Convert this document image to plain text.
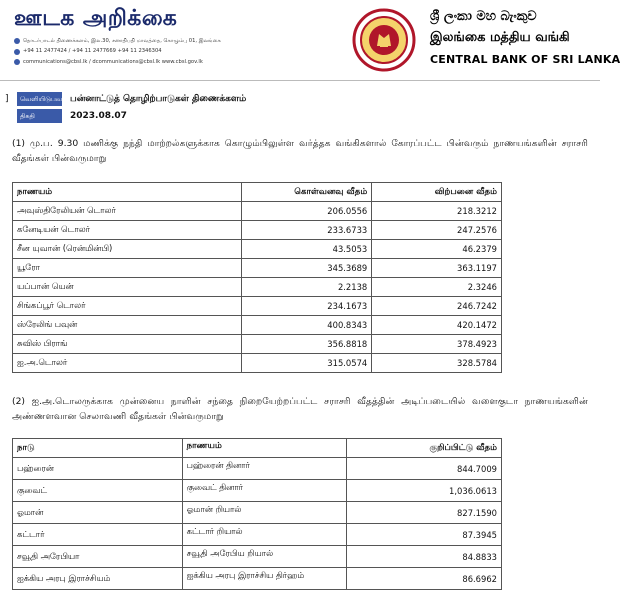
ஊடக அறிக்கை
தொடர்பாடல் திணைக்களம், இல.30, சனாதிபதி மாவத்தை, கொழும்பு 01, இலங்கை
+94 11 2477424 / +94 11 2477669 +94 11 2346304
communications@cbsl.lk / dcommunications@cbsl.lk www.cbsl.gov.lk
ශ්‍රී ලංකා මහ බැංකුව
இலங்கை மத்திய வங்கி
CENTRAL BANK OF SRI LANKA
]	வெளியிடுபவர் பன்னாட்டுத் தொழிற்பாடுகள் திணைக்களம்
திகதி	2023.08.07
(1) மு.ப. 9.30 மணிக்கு நந்தி மாற்றல்களுக்காக கொழும்பிலுள்ள வர்த்தக வங்கிகளால் கோரப்பட்ட பின்வரும் நாணயங்களின் சராசரி வீதங்கள் பின்வருமாறு
நாணயம்	கொள்வனவு வீதம்	விற்பனை வீதம்
அவுஸ்திரேலியன் டொலர்	206.0556	218.3212
கனேடியன் டொலர்	233.6733	247.2576
சீன யுவான் (ரென்மின்பி)	43.5053	46.2379
யூரோ	345.3689	363.1197
யப்பான் யென்	2.2138	2.3246
சிங்கப்பூர் டொலர்	234.1673	246.7242
ஸ்ரேலிங் பவுன்	400.8343	420.1472
சுவிஸ் பிராங்	356.8818	378.4923
ஐ.அ.டொலர்	315.0574	328.5784
(2) ஐ.அ.டொலருக்காக முன்னைய நாளின் சந்தை நிறையேற்றப்பட்ட சராசரி வீதத்தின் அடிப்படையில் வளைகுடா நாணயங்களின் அண்ணளவான செலாவணி வீதங்கள் பின்வருமாறு
நாடு	நாணயம்	குறிப்பிட்டு வீதம்
பஹ்ரைன்	பஹ்ரைன் தினார்	844.7009
குவைட்	குவைட் தினார்	1,036.0613
ஓமான்	ஓமான் றியால்	827.1590
கட்டார்	கட்டார் றியால்	87.3945
சவூதி அரேபியா	சவூதி அரேபிய றியால்	84.8833
ஐக்கிய அரபு இராச்சியம்	ஐக்கிய அரபு இராச்சிய திர்ஹம்	86.6962
